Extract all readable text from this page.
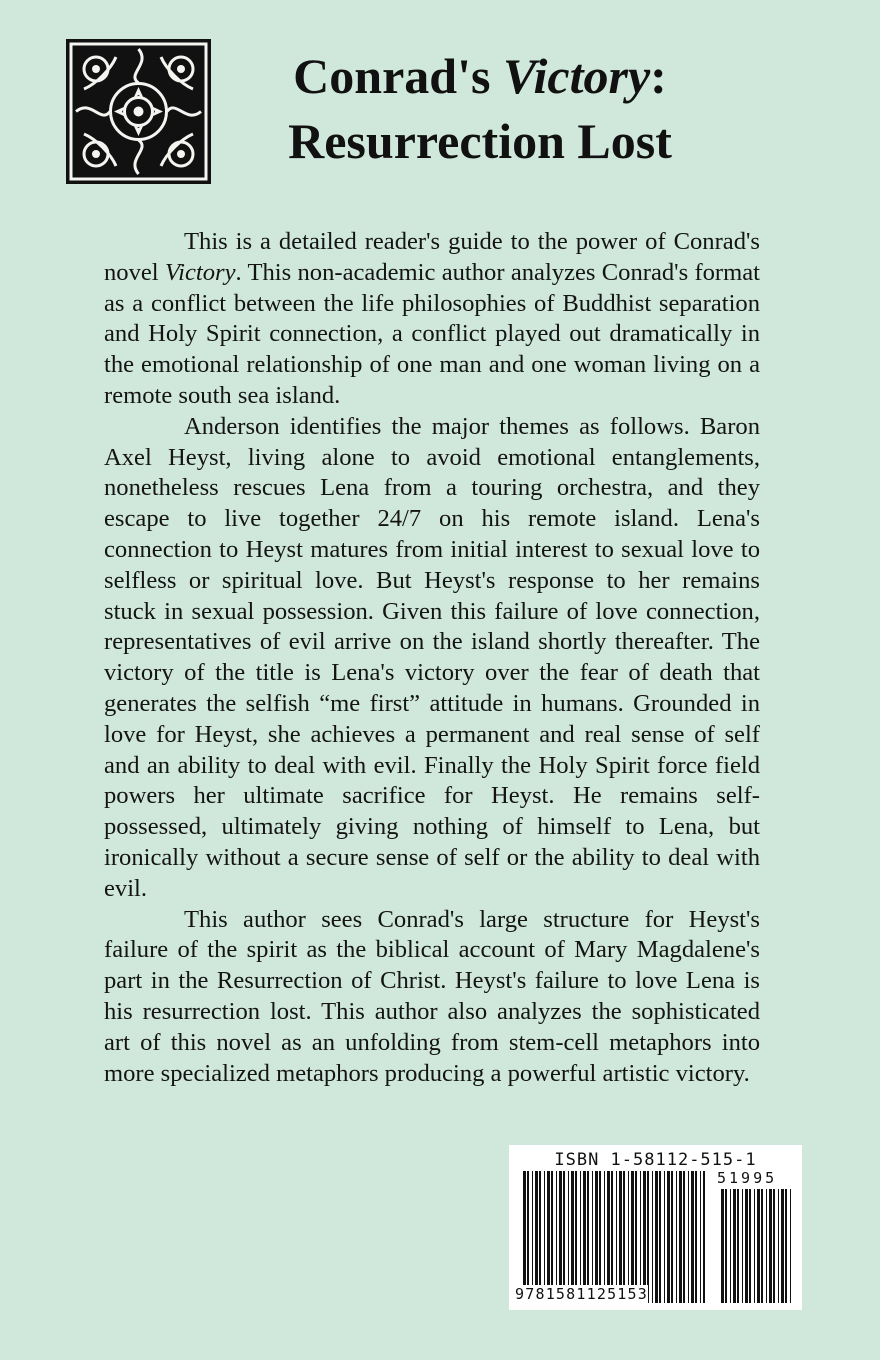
Conrad's Victory:
Resurrection Lost

This is a detailed reader's guide to the power of Conrad's novel Victory. This non-academic author analyzes Conrad's format as a conflict between the life philosophies of Buddhist separation and Holy Spirit connection, a conflict played out dramatically in the emotional relationship of one man and one woman living on a remote south sea island.

Anderson identifies the major themes as follows. Baron Axel Heyst, living alone to avoid emotional entanglements, nonetheless rescues Lena from a touring orchestra, and they escape to live together 24/7 on his remote island. Lena's connection to Heyst matures from initial interest to sexual love to selfless or spiritual love. But Heyst's response to her remains stuck in sexual possession. Given this failure of love connection, representatives of evil arrive on the island shortly thereafter. The victory of the title is Lena's victory over the fear of death that generates the selfish “me first” attitude in humans. Grounded in love for Heyst, she achieves a permanent and real sense of self and an ability to deal with evil. Finally the Holy Spirit force field powers her ultimate sacrifice for Heyst. He remains self-possessed, ultimately giving nothing of himself to Lena, but ironically without a secure sense of self or the ability to deal with evil.

This author sees Conrad's large structure for Heyst's failure of the spirit as the biblical account of Mary Magdalene's part in the Resurrection of Christ. Heyst's failure to love Lena is his resurrection lost. This author also analyzes the sophisticated art of this novel as an unfolding from stem-cell metaphors into more specialized metaphors producing a powerful artistic victory.

ISBN 1-58112-515-1
51995
9781581125153
